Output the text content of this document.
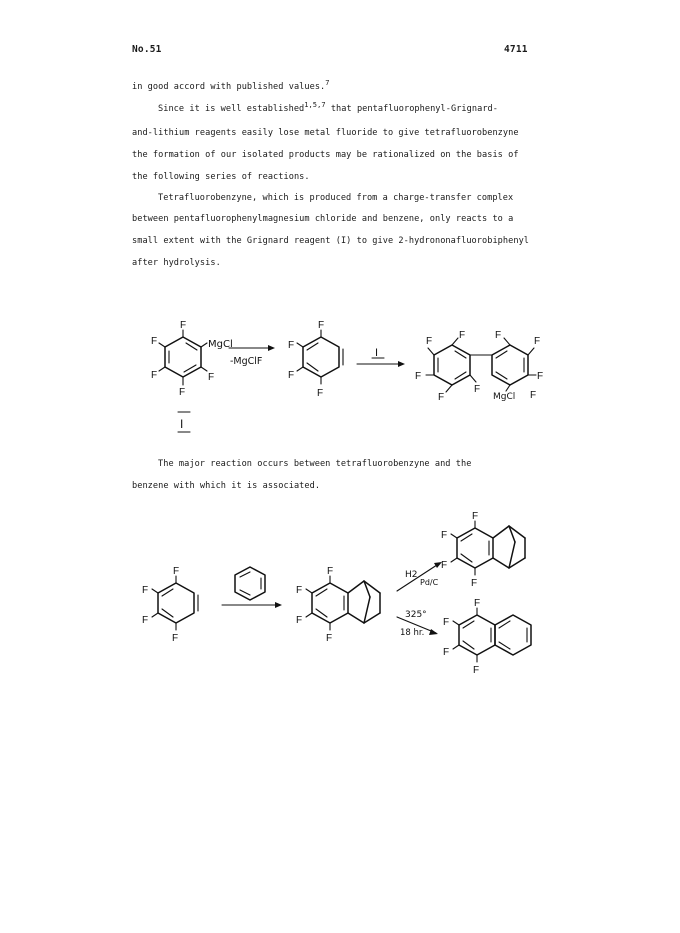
No.51	4711
in good accord with published values.$^7$
Since it is well established$^{1,5,7}$ that pentafluorophenyl-Grignard-
and-lithium reagents easily lose metal fluoride to give tetrafluorobenzyne
the formation of our isolated products may be rationalized on the basis of
the following series of reactions.
Tetrafluorobenzyne, which is produced from a charge-transfer complex
between pentafluorophenylmagnesium chloride and benzene, only reacts to a
small extent with the Grignard reagent (I) to give 2-hydrononafluorobiphenyl
after hydrolysis.
F
F
F
F
F
MgCl
I
-MgClF
F
F
F
F
I
F
F
F
F
F
F
F
F
F
MgCl
The major reaction occurs between tetrafluorobenzyne and the
benzene with which it is associated.
F
F
F
F
F
F
F
F
H2
Pd/C
325°
18 hr.
F
F
F
F
F
F
F
F
